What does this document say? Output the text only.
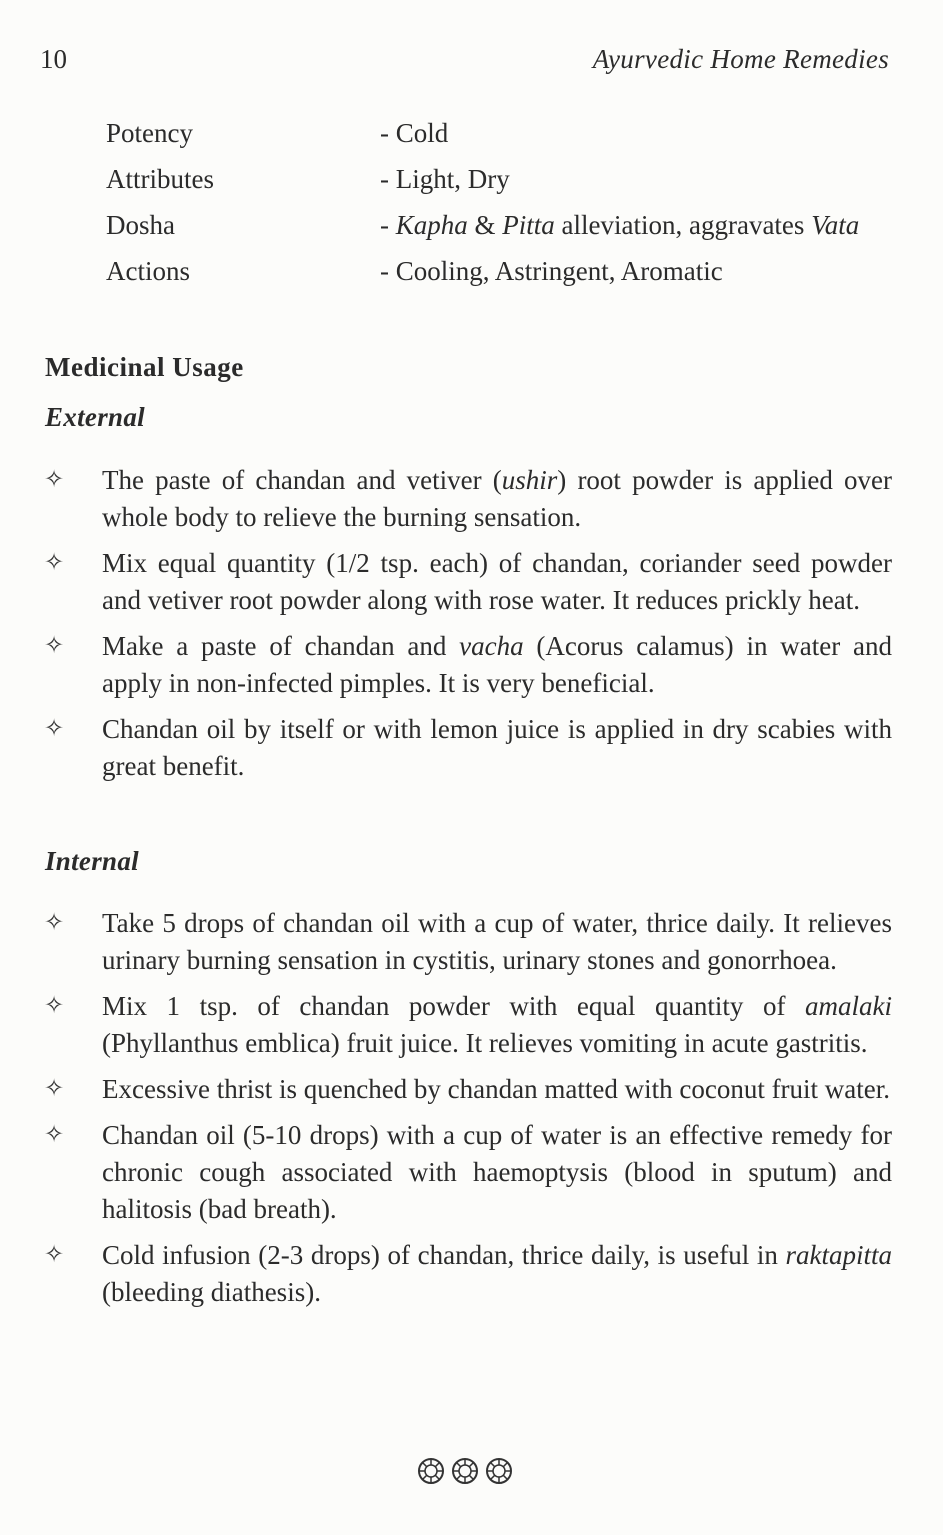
10	Ayurvedic Home Remedies
Potency	- Cold
Attributes	- Light, Dry
Dosha	- Kapha & Pitta alleviation, aggravates Vata
Actions	- Cooling, Astringent, Aromatic
Medicinal Usage
External
✧	The paste of chandan and vetiver (ushir) root powder is applied over whole body to relieve the burning sensation.
✧	Mix equal quantity (1/2 tsp. each) of chandan, coriander seed powder and vetiver root powder along with rose water. It reduces prickly heat.
✧	Make a paste of chandan and vacha (Acorus calamus) in water and apply in non-infected pimples. It is very beneficial.
✧	Chandan oil by itself or with lemon juice is applied in dry scabies with great benefit.
Internal
✧	Take 5 drops of chandan oil with a cup of water, thrice daily. It relieves urinary burning sensation in cystitis, urinary stones and gonorrhoea.
✧	Mix 1 tsp. of chandan powder with equal quantity of amalaki (Phyllanthus emblica) fruit juice. It relieves vomiting in acute gastritis.
✧	Excessive thrist is quenched by chandan matted with coconut fruit water.
✧	Chandan oil (5-10 drops) with a cup of water is an effective remedy for chronic cough associated with haemoptysis (blood in sputum) and halitosis (bad breath).
✧	Cold infusion (2-3 drops) of chandan, thrice daily, is useful in raktapitta (bleeding diathesis).
